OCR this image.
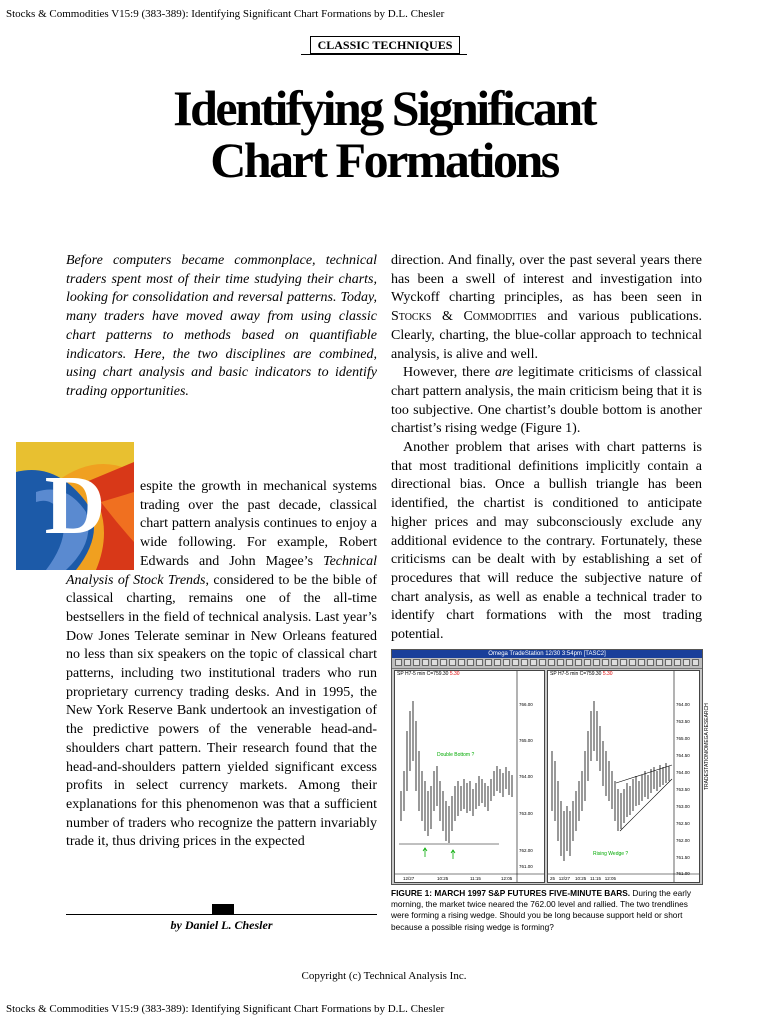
Stocks & Commodities V15:9 (383-389): Identifying Significant Chart Formations by D.L. Chesler
CLASSIC TECHNIQUES
Identifying Significant
Chart Formations
Before computers became commonplace, technical traders spent most of their time studying their charts, looking for consolidation and reversal patterns. Today, many traders have moved away from using classic chart patterns to methods based on quantifiable indicators. Here, the two disciplines are combined, using chart analysis and basic indicators to identify trading opportunities.
D	espite the growth in mechanical systems trading over the past decade, classical chart pattern analysis continues to enjoy a wide following. For example, Robert Edwards and John Magee’s Technical Analysis of Stock Trends, considered to be the bible of classical charting, remains one of the all-time bestsellers in the field of technical analysis. Last year’s Dow Jones Telerate seminar in New Orleans featured no less than six speakers on the topic of classical chart patterns, including two institutional traders who run proprietary currency trading desks. And in 1995, the New York Reserve Bank undertook an investigation of the predictive powers of the venerable head-and-shoulders chart pattern. Their research found that the head-and-shoulders pattern yielded significant excess profits in select currency markets. Among their explanations for this phenomenon was that a sufficient number of traders who recognize the pattern invariably trade it, thus driving prices in the expected

direction. And finally, over the past several years there has been a swell of interest and investigation into Wyckoff charting principles, as has been seen in Stocks & Commodities and various publications. Clearly, charting, the blue-collar approach to technical analysis, is alive and well.

However, there are legitimate criticisms of classical chart pattern analysis, the main criticism being that it is too subjective. One chartist’s double bottom is another chartist’s rising wedge (Figure 1).

Another problem that arises with chart patterns is that most traditional definitions implicitly contain a directional bias. Once a bullish triangle has been identified, the chartist is conditioned to anticipate higher prices and may subconsciously exclude any additional evidence to the contrary. Fortunately, these criticisms can be dealt with by establishing a set of procedures that will reduce the subjective nature of chart analysis, as well as enable a technical trader to identify chart formations with the most trading potential.

by Daniel L. Chesler
Omega TradeStation 12/30 3:54pm [TASC2]
SP H7-5 min C=759.30 5.30
Double Bottom ?
766.00
765.00
764.00
763.00
762.00
761.00
12/27	10:25	11:15	12:05
SP H7-5 min C=759.30 5.30
Rising Wedge ?
764.00
763.50
765.00
764.50
764.00
763.50
763.00
762.50
762.00
761.50
761.00
25   12/27    10:25   11:15   12:05
TRADESTATION/OMEGA RESEARCH
FIGURE 1: MARCH 1997 S&P FUTURES FIVE-MINUTE BARS. During the early morning, the market twice neared the 762.00 level and rallied. The two trendlines were forming a rising wedge. Should you be long because support held or short because a possible rising wedge is forming?
Copyright (c) Technical Analysis Inc.
Stocks & Commodities V15:9 (383-389): Identifying Significant Chart Formations by D.L. Chesler
